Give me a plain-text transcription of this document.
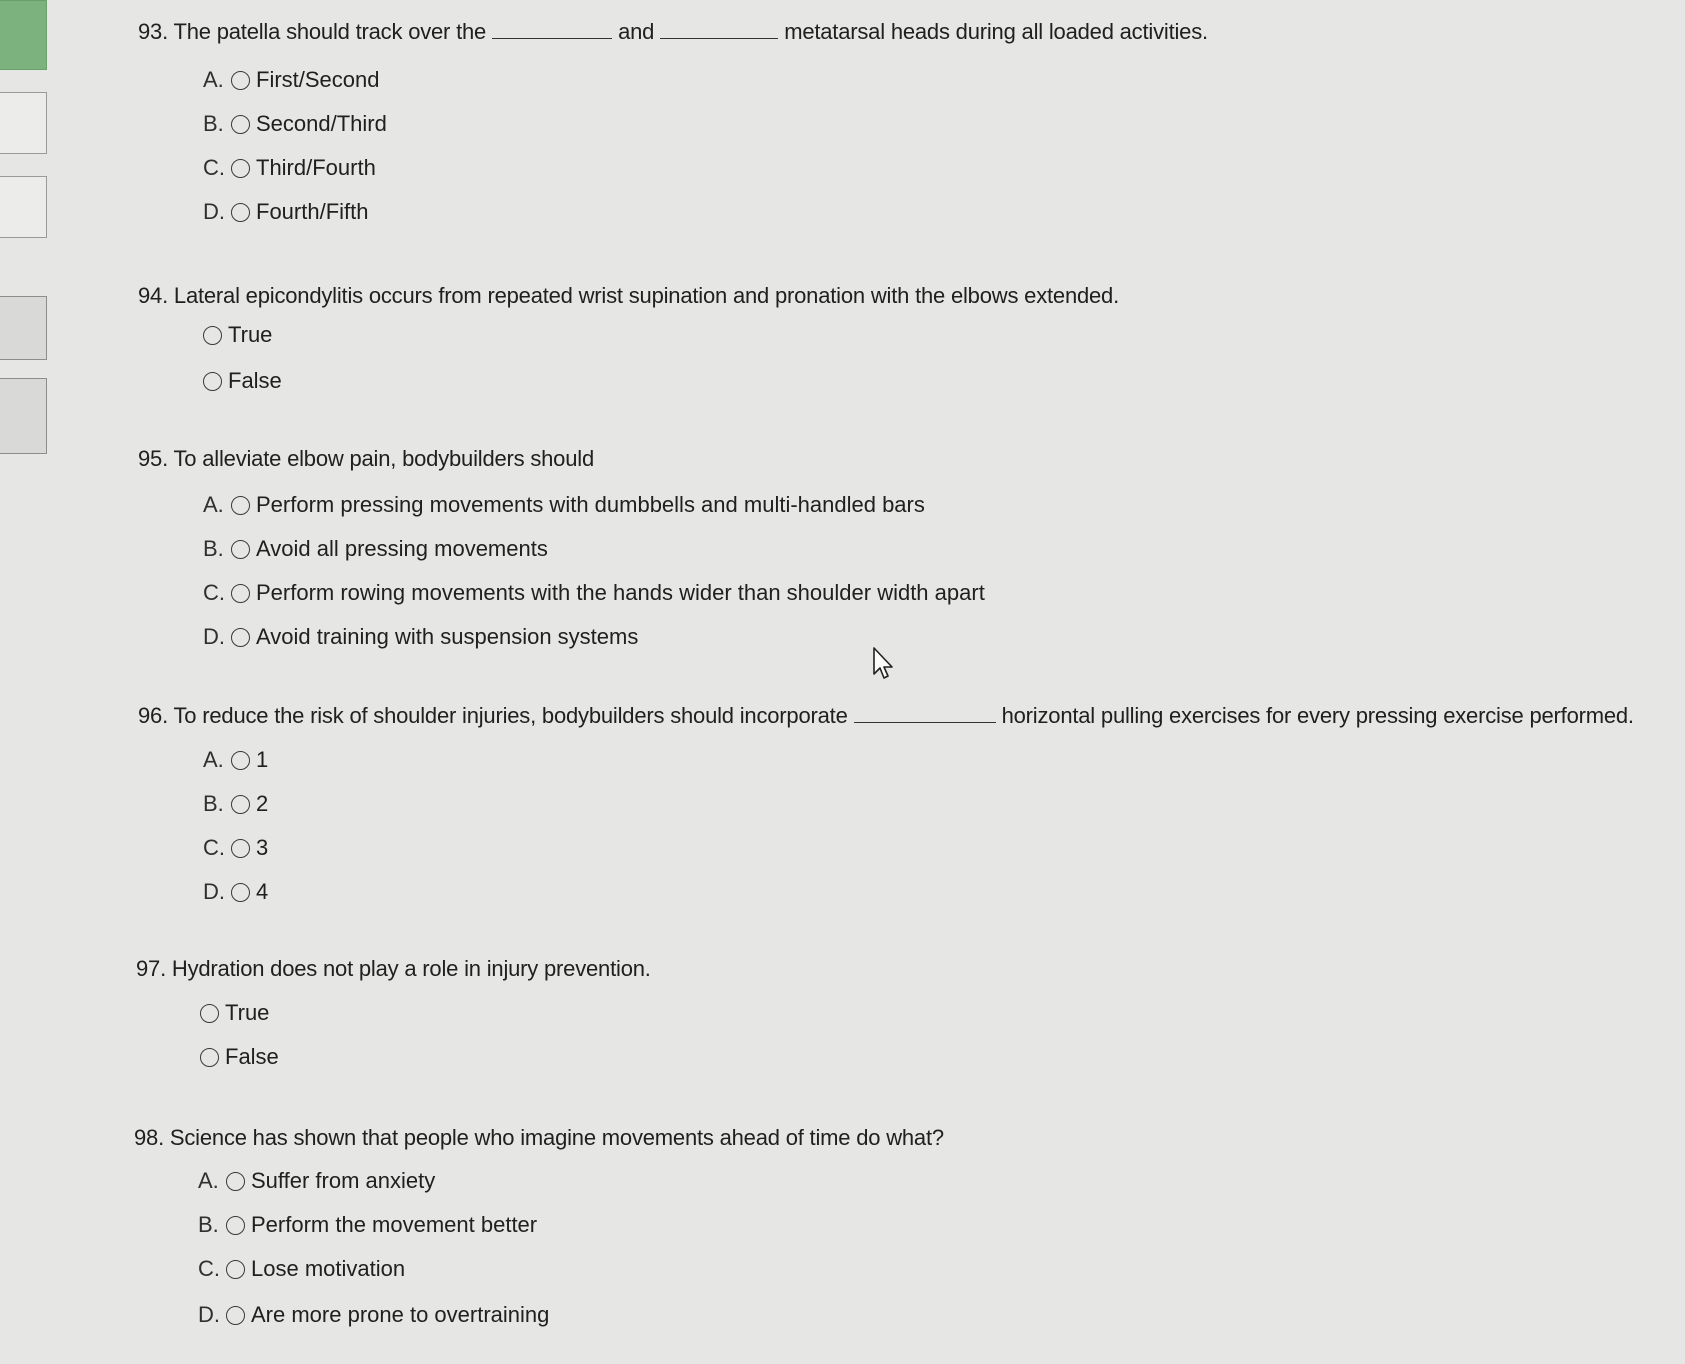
93. The patella should track over the	and	metatarsal heads during all loaded activities.
A.	First/Second
B.	Second/Third
C. Third/Fourth
D. Fourth/Fifth
94. Lateral epicondylitis occurs from repeated wrist supination and pronation with the elbows extended.
True
False
95. To alleviate elbow pain, bodybuilders should
A.	Perform pressing movements with dumbbells and multi-handled bars
B.	Avoid all pressing movements
C. Perform rowing movements with the hands wider than shoulder width apart
D. Avoid training with suspension systems
96. To reduce the risk of shoulder injuries, bodybuilders should incorporate	horizontal pulling exercises for every pressing exercise performed.
A.	1
B.	2
C. 3
D. 4
97. Hydration does not play a role in injury prevention.
True
False
98. Science has shown that people who imagine movements ahead of time do what?
A.	Suffer from anxiety
B.	Perform the movement better
C. Lose motivation
D. Are more prone to overtraining
